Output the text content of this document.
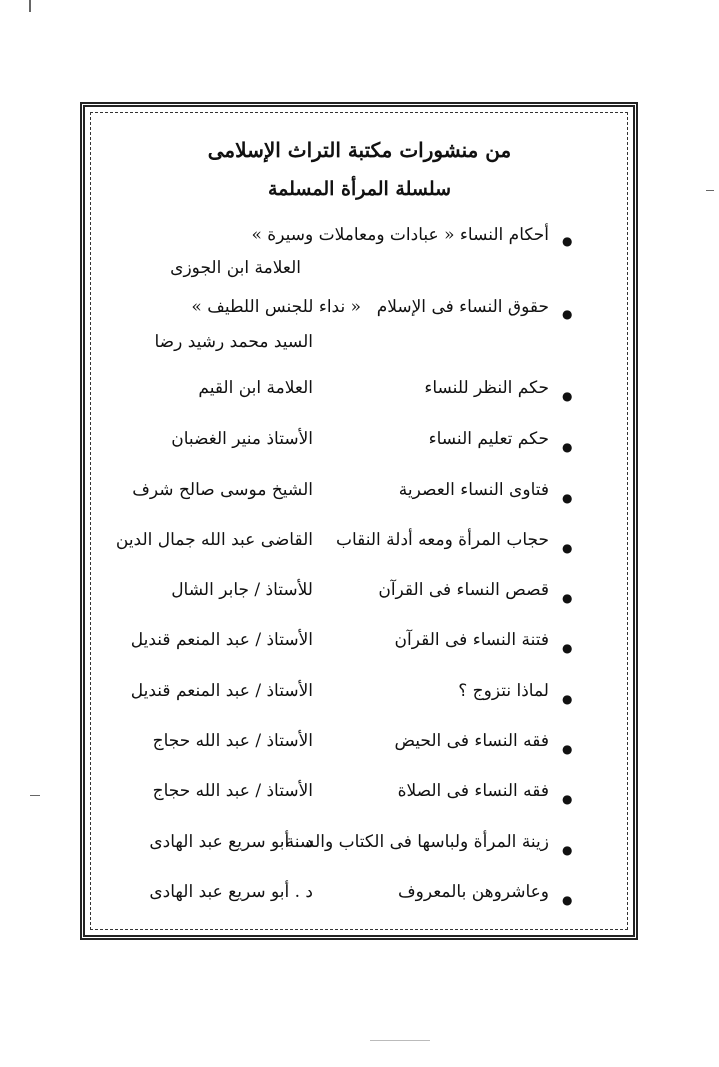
من منشورات مكتبة التراث الإسلامى
سلسلة المرأة المسلمة
●
أحكام النساء « عبادات ومعاملات وسيرة »
العلامة ابن الجوزى
●
حقوق النساء فى الإسلام
« نداء للجنس اللطيف »
السيد محمد رشيد رضا
●
حكم النظر للنساء
العلامة ابن القيم
●
حكم تعليم النساء
الأستاذ منير الغضبان
●
فتاوى النساء العصرية
الشيخ موسى صالح شرف
●
حجاب المرأة ومعه أدلة النقاب
القاضى عبد الله جمال الدين
●
قصص النساء فى القرآن
للأستاذ / جابر الشال
●
فتنة النساء فى القرآن
الأستاذ / عبد المنعم قنديل
●
لماذا نتزوج ؟
الأستاذ / عبد المنعم قنديل
●
فقه النساء فى الحيض
الأستاذ / عبد الله حجاج
●
فقه النساء فى الصلاة
الأستاذ / عبد الله حجاج
●
زينة المرأة ولباسها فى الكتاب والسنة
د . أبو سريع عبد الهادى
●
وعاشروهن بالمعروف
د . أبو سريع عبد الهادى
